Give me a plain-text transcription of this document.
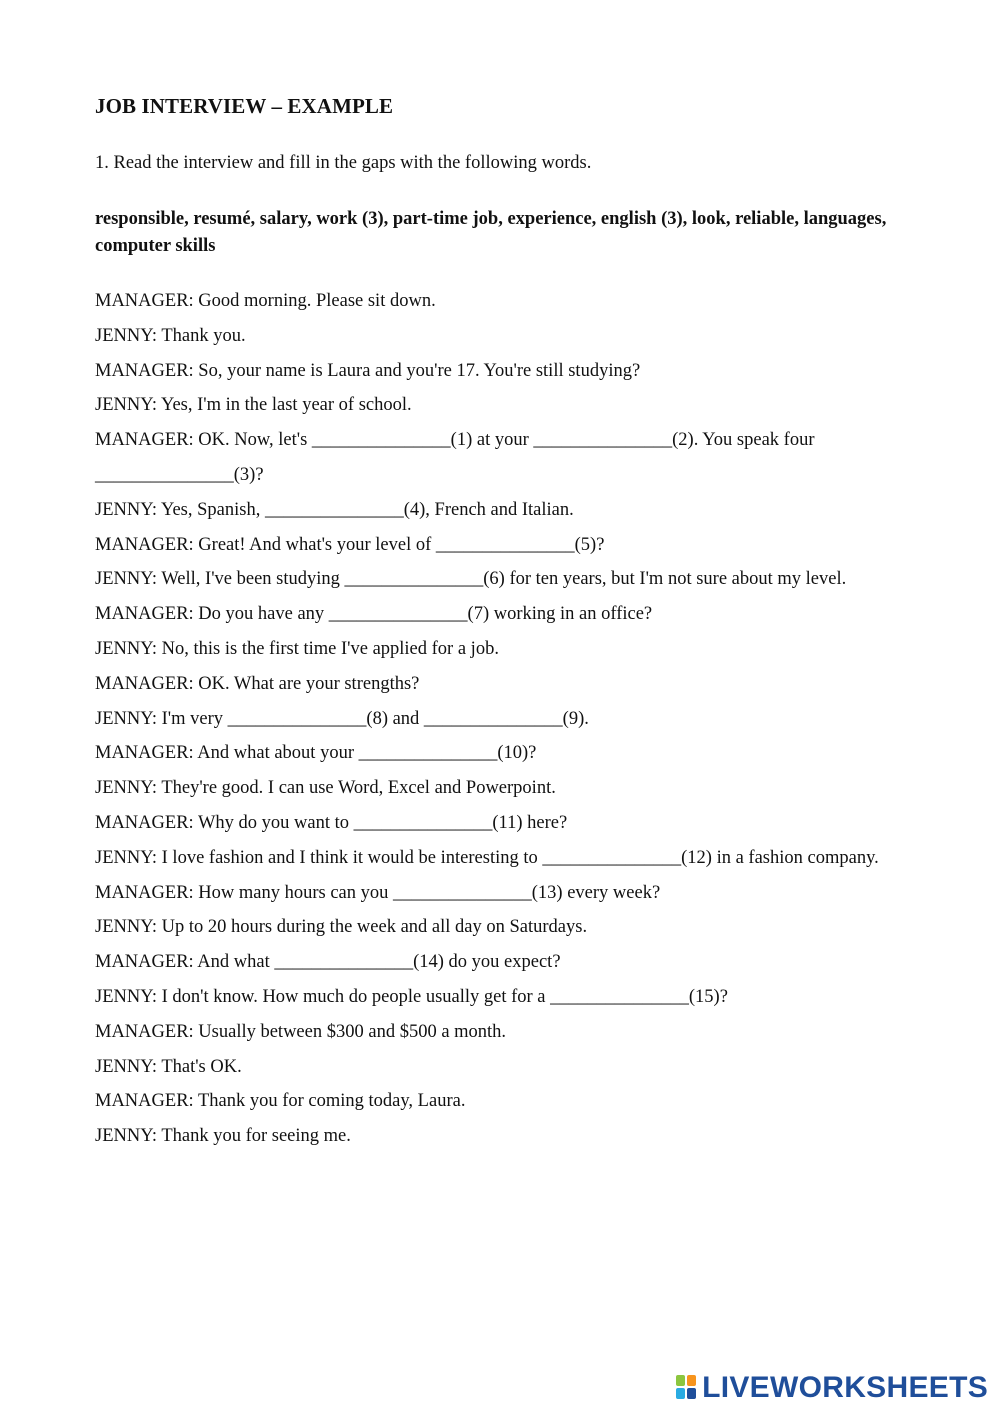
JOB INTERVIEW – EXAMPLE

1. Read the interview and fill in the gaps with the following words.

responsible, resumé, salary, work (3), part-time job, experience, english (3), look, reliable, languages, computer skills

MANAGER: Good morning. Please sit down.

JENNY: Thank you.

MANAGER: So, your name is Laura and you're 17. You're still studying?

JENNY: Yes, I'm in the last year of school.

MANAGER: OK. Now, let's _______________(1) at your _______________(2). You speak four _______________(3)?

JENNY: Yes, Spanish, _______________(4), French and Italian.

MANAGER: Great! And what's your level of _______________(5)?

JENNY: Well, I've been studying _______________(6) for ten years, but I'm not sure about my level.

MANAGER: Do you have any _______________(7) working in an office?

JENNY: No, this is the first time I've applied for a job.

MANAGER: OK. What are your strengths?

JENNY: I'm very _______________(8) and _______________(9).

MANAGER: And what about your _______________(10)?

JENNY: They're good. I can use Word, Excel and Powerpoint.

MANAGER: Why do you want to _______________(11) here?

JENNY: I love fashion and I think it would be interesting to _______________(12) in a fashion company.

MANAGER: How many hours can you _______________(13) every week?

JENNY: Up to 20 hours during the week and all day on Saturdays.

MANAGER: And what _______________(14) do you expect?

JENNY: I don't know. How much do people usually get for a _______________(15)?

MANAGER: Usually between $300 and $500 a month.

JENNY: That's OK.

MANAGER: Thank you for coming today, Laura.

JENNY: Thank you for seeing me.

LIVEWORKSHEETS
